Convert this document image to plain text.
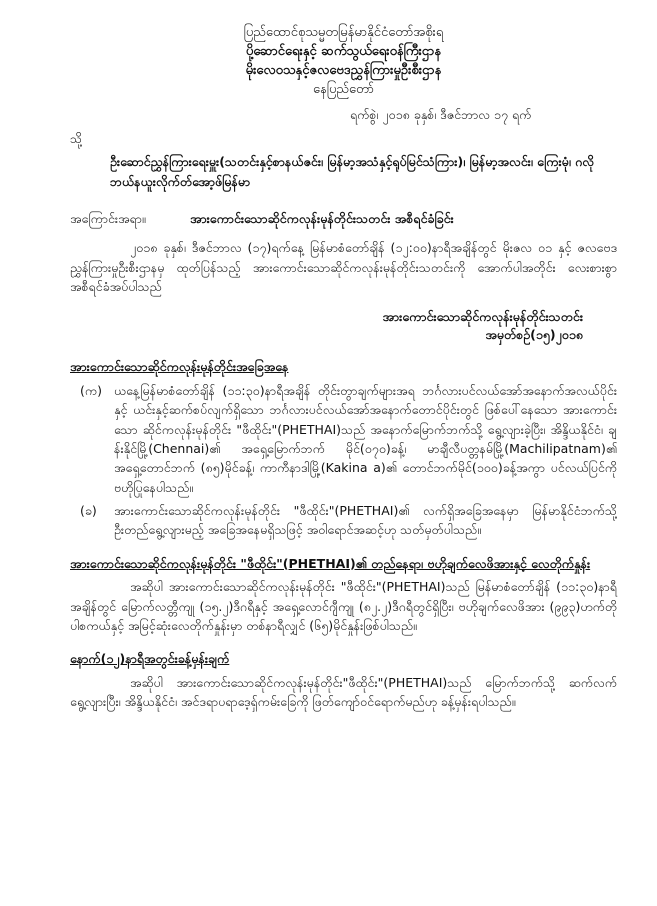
ပြည်ထောင်စုသမ္မတမြန်မာနိုင်ငံတော်အစိုးရ
ပို့ဆောင်ရေးနှင့် ဆက်သွယ်ရေးဝန်ကြီးဌာန
မိုးလေဝသနှင့်ဇလဗေဒညွှန်ကြားမှုဦးစီးဌာန
နေပြည်တော်
ရက်စွဲ၊ ၂၀၁၈ ခုနှစ်၊ ဒီဇင်ဘာလ ၁၇ ရက်
သို့
ဦးဆောင်ညွှန်ကြားရေးမှူး(သတင်းနှင့်စာနယ်ဇင်း၊ မြန်မာ့အသံနှင့်ရုပ်မြင်သံကြား)၊ မြန်မာ့အလင်း၊ ကြေးမုံ၊ ဂလိုဘယ်နယူးလိုက်တ်အော့ဖ်မြန်မာ
အကြောင်းအရာ။	အားကောင်းသောဆိုင်ကလုန်းမုန်တိုင်းသတင်း အစီရင်ခံခြင်း

၂၀၁၈ ခုနှစ်၊ ဒီဇင်ဘာလ (၁၇)ရက်နေ့ မြန်မာစံတော်ချိန် (၁၂:၀၀)နာရီအချိန်တွင် မိုးဇလ ၀၁ နှင့် ဇလဗေဒညွှန်ကြားမှုဦးစီးဌာနမှ ထုတ်ပြန်သည့် အားကောင်းသောဆိုင်ကလုန်းမုန်တိုင်းသတင်းကို အောက်ပါအတိုင်း လေးစားစွာ အစီရင်ခံအပ်ပါသည်

အားကောင်းသောဆိုင်ကလုန်းမုန်တိုင်းသတင်း
အမှတ်စဉ်(၁၅)၂၀၁၈
အားကောင်းသောဆိုင်ကလုန်းမုန်တိုင်းအခြေအနေ
(က) ယနေ့မြန်မာစံတော်ချိန် (၁၁:၃၀)နာရီအချိန် တိုင်းတွာချက်များအရ ဘင်္ဂလားပင်လယ်အော်အနောက်အလယ်ပိုင်းနှင့် ယင်းနှင့်ဆက်စပ်လျက်ရှိသော ဘင်္ဂလားပင်လယ်အော်အနောက်တောင်ပိုင်းတွင် ဖြစ်ပေါ်နေသော အားကောင်းသော ဆိုင်ကလုန်းမုန်တိုင်း "ဖီထိုင်း"(PHETHAI)သည် အနောက်မြောက်ဘက်သို့ ရွေ့လျားခဲ့ပြီး၊ အိန္ဒိယနိုင်ငံ၊ ချန်းနိုင်မြို့(Chennai)၏ အရှေ့မြောက်ဘက် မိုင်(၀၇၀)ခန့်၊ မာချီလီပတ္တနမ်မြို့(Machilipatnam)၏ အရှေ့တောင်ဘက် (၈၅)မိုင်ခန့်၊ ကာကီနာဒါမြို့(Kakina a)၏ တောင်ဘက်မိုင်(၁၀၀)ခန့်အကွာ ပင်လယ်ပြင်ကို ဗဟိုပြုနေပါသည်။
(ခ)	အားကောင်းသောဆိုင်ကလုန်းမုန်တိုင်း "ဖီထိုင်း"(PHETHAI)၏ လက်ရှိအခြေအနေမှာ မြန်မာနိုင်ငံဘက်သို့ ဦးတည်ရွေ့လျားမည့် အခြေအနေမရှိသဖြင့် အဝါရောင်အဆင့်ဟု သတ်မှတ်ပါသည်။
အားကောင်းသောဆိုင်ကလုန်းမုန်တိုင်း "ဖီထိုင်း"(PHETHAI)၏ တည်နေရာ၊ ဗဟိုချက်လေဖိအားနှင့် လေတိုက်နှုန်း

အဆိုပါ အားကောင်းသောဆိုင်ကလုန်းမုန်တိုင်း "ဖီထိုင်း"(PHETHAI)သည် မြန်မာစံတော်ချိန် (၁၁:၃၀)နာရီအချိန်တွင် မြောက်လတ္တီကျု (၁၅.၂)ဒီဂရီနှင့် အရှေ့လောင်ဂျီကျု (၈၂.၂)ဒီဂရီတွင်ရှိပြီး၊ ဗဟိုချက်လေဖိအား (၉၉၃)ဟက်တိုပါစကယ်နှင့် အမြင့်ဆုံးလေတိုက်နှုန်းမှာ တစ်နာရီလျှင် (၆၅)မိုင်နှုန်းဖြစ်ပါသည်။

နောက်(၁၂)နာရီအတွင်းခန့်မှန်းချက်

အဆိုပါ အားကောင်းသောဆိုင်ကလုန်းမုန်တိုင်း"ဖီထိုင်း"(PHETHAI)သည် မြောက်ဘက်သို့ ဆက်လက်ရွေ့လျားပြီး၊ အိန္ဒိယနိုင်ငံ၊ အင်ဒရာပရာဒေ့ရှ်ကမ်းခြေကို ဖြတ်ကျော်ဝင်ရောက်မည်ဟု ခန့်မှန်းရပါသည်။
